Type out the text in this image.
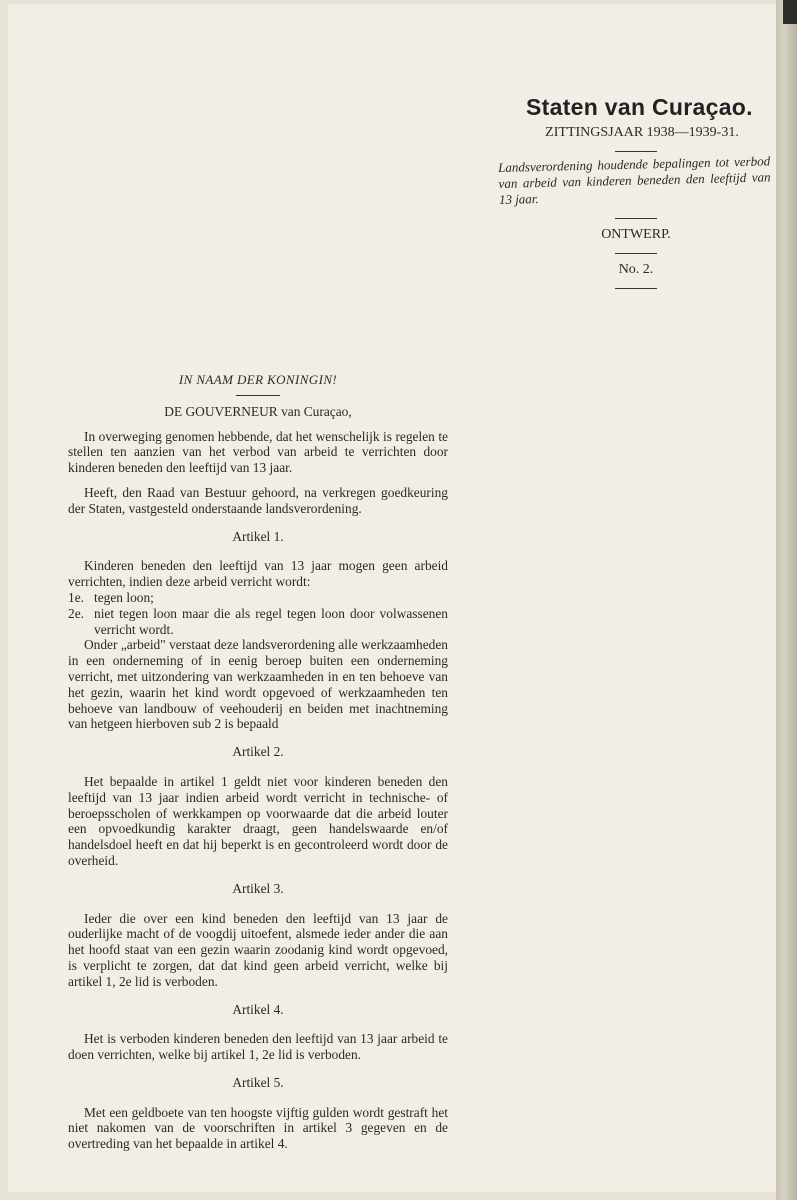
Staten van Curaçao.
ZITTINGSJAAR 1938—1939-31.
Landsverordening houdende bepalingen tot verbod van arbeid van kinderen beneden den leeftijd van 13 jaar.
ONTWERP.
No. 2.
IN NAAM DER KONINGIN!
DE GOUVERNEUR van Curaçao,

In overweging genomen hebbende, dat het wenschelijk is regelen te stellen ten aanzien van het verbod van arbeid te verrichten door kinderen beneden den leeftijd van 13 jaar.

Heeft, den Raad van Bestuur gehoord, na verkregen goedkeuring der Staten, vastgesteld onderstaande landsverordening.

Artikel 1.

Kinderen beneden den leeftijd van 13 jaar mogen geen arbeid verrichten, indien deze arbeid verricht wordt:

1e. tegen loon;
2e. niet tegen loon maar die als regel tegen loon door volwassenen verricht wordt.

Onder „arbeid" verstaat deze landsverordening alle werkzaamheden in een onderneming of in eenig beroep buiten een onderneming verricht, met uitzondering van werkzaamheden in en ten behoeve van het gezin, waarin het kind wordt opgevoed of werkzaamheden ten behoeve van landbouw of veehouderij en beiden met inachtneming van hetgeen hierboven sub 2 is bepaald

Artikel 2.

Het bepaalde in artikel 1 geldt niet voor kinderen beneden den leeftijd van 13 jaar indien arbeid wordt verricht in technische- of beroepsscholen of werkkampen op voorwaarde dat die arbeid louter een opvoedkundig karakter draagt, geen handelswaarde en/of handelsdoel heeft en dat hij beperkt is en gecontroleerd wordt door de overheid.

Artikel 3.

Ieder die over een kind beneden den leeftijd van 13 jaar de ouderlijke macht of de voogdij uitoefent, alsmede ieder ander die aan het hoofd staat van een gezin waarin zoodanig kind wordt opgevoed, is verplicht te zorgen, dat dat kind geen arbeid verricht, welke bij artikel 1, 2e lid is verboden.

Artikel 4.

Het is verboden kinderen beneden den leeftijd van 13 jaar arbeid te doen verrichten, welke bij artikel 1, 2e lid is verboden.

Artikel 5.

Met een geldboete van ten hoogste vijftig gulden wordt gestraft het niet nakomen van de voorschriften in artikel 3 gegeven en de overtreding van het bepaalde in artikel 4.
